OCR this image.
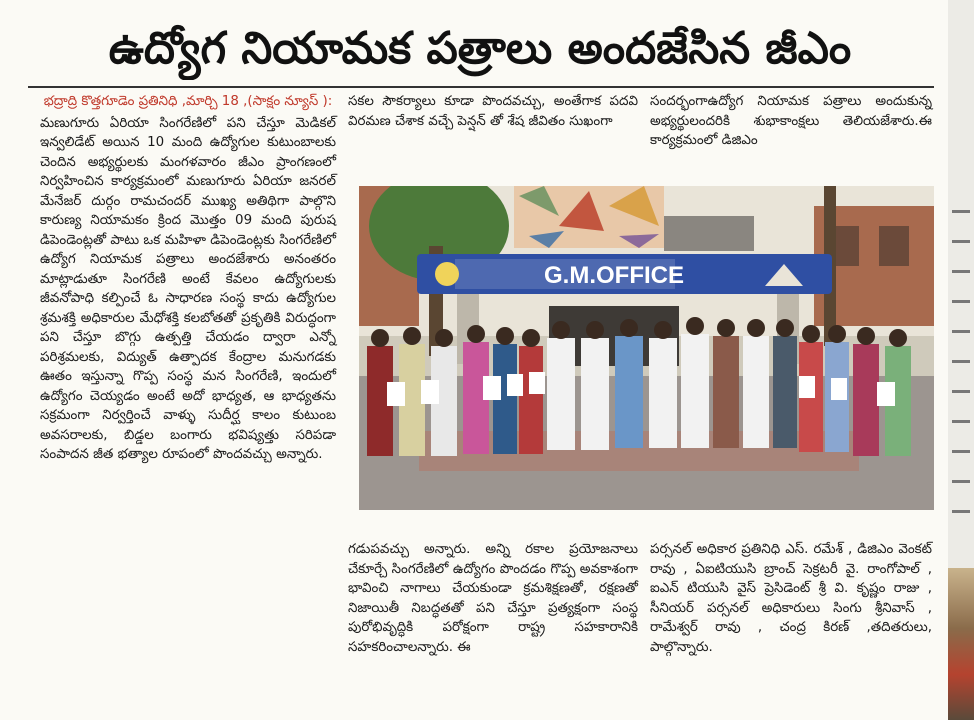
ఉద్యోగ నియామక పత్రాలు అందజేసిన జీఎం

భద్రాద్రి కొత్తగూడెం ప్రతినిధి ,మార్చి 18 ,(సాక్షం న్యూస్ ):

మణుగూరు ఏరియా సింగరేణిలో పని చేస్తూ మెడికల్ ఇన్వలిడేట్ అయిన 10 మంది ఉద్యోగుల కుటుంబాలకు చెందిన అభ్యర్థులకు మంగళవారం జీఎం ప్రాంగణంలో నిర్వహించిన కార్యక్రమంలో మణుగూరు ఏరియా జనరల్ మేనేజర్ దుర్గం రామచందర్ ముఖ్య అతిథిగా పాల్గొని కారుణ్య నియామకం క్రింద మొత్తం 09 మంది పురుష డిపెండెంట్లతో పాటు ఒక మహిళా డిపెండెంట్లకు సింగరేణిలో ఉద్యోగ నియామక పత్రాలు అందజేశారు అనంతరం మాట్లాడుతూ సింగరేణి అంటే కేవలం ఉద్యోగులకు జీవనోపాధి కల్పించే ఓ సాధారణ సంస్థ కాదు ఉద్యోగుల శ్రమశక్తి అధికారుల మేధోశక్తి కలబోతతో ప్రకృతికి విరుద్ధంగా పని చేస్తూ బొగ్గు ఉత్పత్తి చేయడం ద్వారా ఎన్నో పరిశ్రమలకు, విద్యుత్ ఉత్పాదక కేంద్రాల మనుగడకు ఊతం ఇస్తున్నా గొప్ప సంస్థ మన సింగరేణి, ఇందులో ఉద్యోగం చెయ్యడం అంటే అదో భాధ్యత, ఆ భాధ్యతను సక్రమంగా నిర్వర్తించే వాళ్ళు సుదీర్ఘ కాలం కుటుంబ అవసరాలకు, బిడ్డల బంగారు భవిష్యత్తు సరిపడా సంపాదన జీత భత్యాల రూపంలో పొందవచ్చు అన్నారు.

సకల సౌకర్యాలు కూడా పొందవచ్చు, అంతేగాక పదవి విరమణ చేశాక వచ్చే పెన్షన్ తో శేష జీవితం సుఖంగా

సందర్భంగాఉద్యోగ నియామక పత్రాలు అందుకున్న అభ్యర్థులందరికి శుభాకాంక్షలు తెలియజేశారు.ఈ కార్యక్రమంలో డిజిఎం

G.M.OFFICE

గడుపవచ్చు అన్నారు. అన్ని రకాల ప్రయోజనాలు చేకూర్చే సింగరేణిలో ఉద్యోగం పొందడం గొప్ప అవకాశంగా భావించి నాగాలు చేయకుండా క్రమశిక్షణతో, రక్షణతో నిజాయితీ నిబద్ధతతో పని చేస్తూ ప్రత్యక్షంగా సంస్థ పురోభివృద్ధికి పరోక్షంగా రాష్ట్ర సహకారానికి సహకరించాలన్నారు. ఈ

పర్సనల్ అధికార ప్రతినిధి ఎస్. రమేశ్ , డిజిఎం వెంకట్ రావు , ఏఐటియుసి బ్రాంచ్ సెక్రటరీ వై. రాంగోపాల్ , ఐఎన్ టియుసి వైస్ ప్రెసిడెంట్ శ్రీ వి. కృష్ణం రాజు , సీనియర్ పర్సనల్ అధికారులు సింగు శ్రీనివాస్ , రామేశ్వర్ రావు , చంద్ర కిరణ్ ,తదితరులు, పాల్గొన్నారు.
